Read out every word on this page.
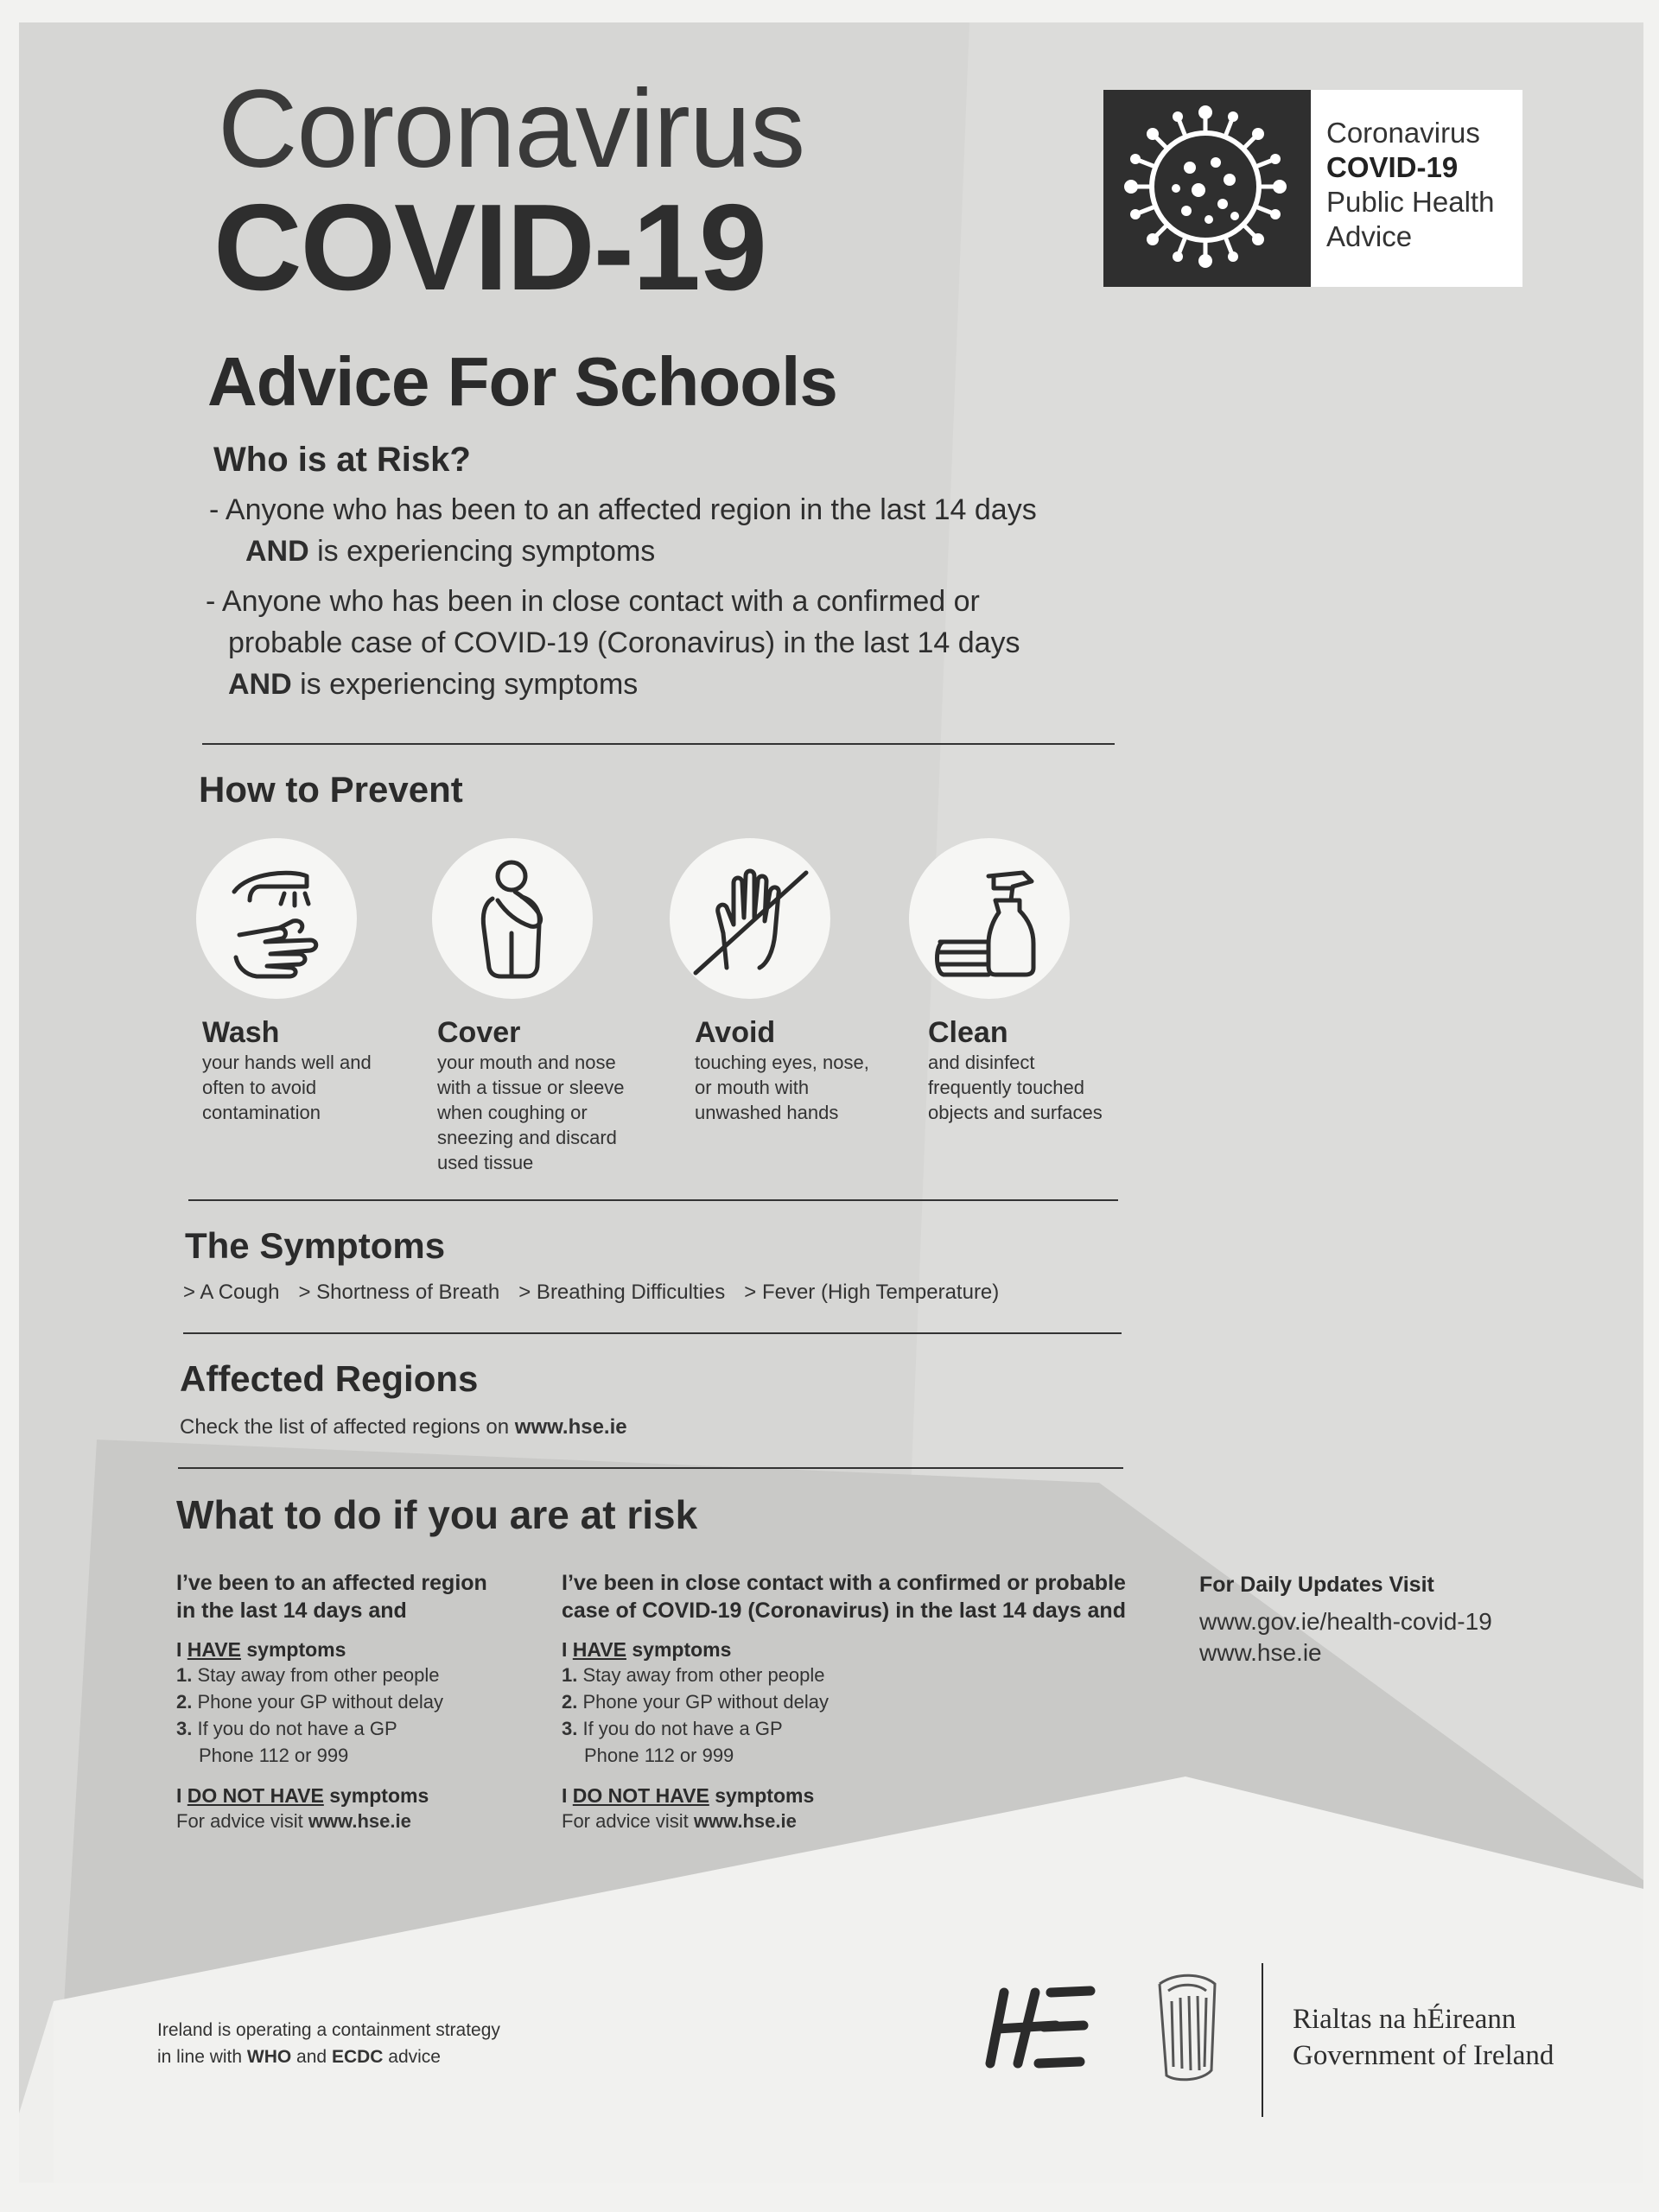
Coronavirus
COVID-19
Coronavirus
COVID-19
Public Health
Advice
Advice For Schools
Who is at Risk?
- Anyone who has been to an affected region in the last 14 days
AND is experiencing symptoms
- Anyone who has been in close contact with a confirmed or
probable case of COVID-19 (Coronavirus) in the last 14 days
AND is experiencing symptoms
How to Prevent
Wash
your hands well and often to avoid contamination
Cover
your mouth and nose with a tissue or sleeve when coughing or sneezing and discard used tissue
Avoid
touching eyes, nose, or mouth with unwashed hands
Clean
and disinfect frequently touched objects and surfaces
The Symptoms
> A Cough > Shortness of Breath > Breathing Difficulties > Fever (High Temperature)
Affected Regions
Check the list of affected regions on www.hse.ie
What to do if you are at risk
I’ve been to an affected region
in the last 14 days and
I HAVE symptoms
1. Stay away from other people
2. Phone your GP without delay
3. If you do not have a GP
Phone 112 or 999
I DO NOT HAVE symptoms
For advice visit www.hse.ie
I’ve been in close contact with a confirmed or probable
case of COVID-19 (Coronavirus) in the last 14 days and
I HAVE symptoms
1. Stay away from other people
2. Phone your GP without delay
3. If you do not have a GP
Phone 112 or 999
I DO NOT HAVE symptoms
For advice visit www.hse.ie
For Daily Updates Visit
www.gov.ie/health-covid-19
www.hse.ie
Ireland is operating a containment strategy
in line with WHO and ECDC advice
Rialtas na hÉireann
Government of Ireland
